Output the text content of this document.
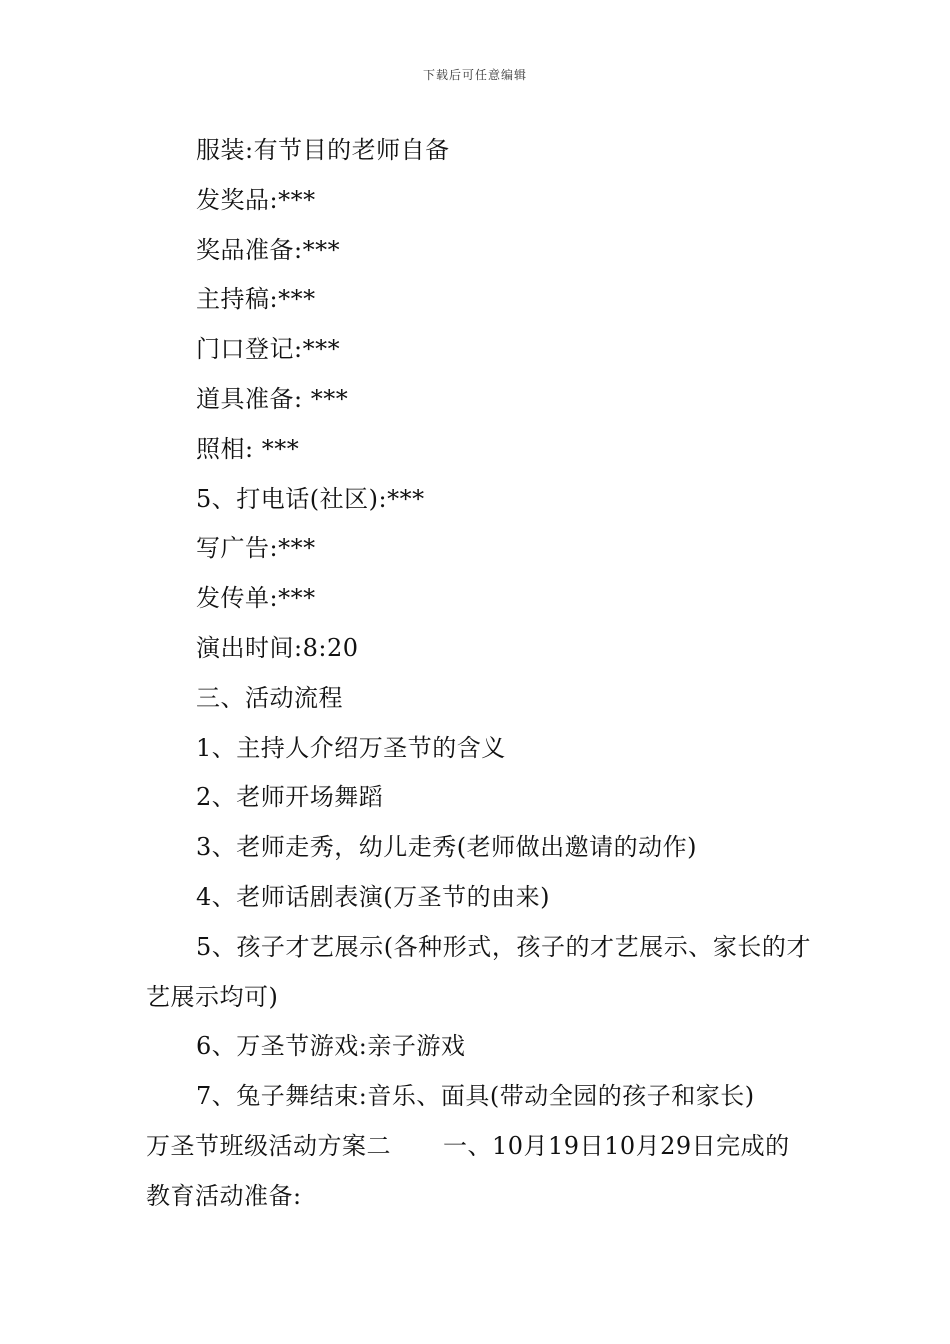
下载后可任意编辑

服装:有节目的老师自备

发奖品:***

奖品准备:***

主持稿:***

门口登记:***

道具准备: ***

照相: ***

5、打电话(社区):***

写广告:***

发传单:***

演出时间:8:20

三、活动流程

1、主持人介绍万圣节的含义

2、老师开场舞蹈

3、老师走秀，幼儿走秀(老师做出邀请的动作)

4、老师话剧表演(万圣节的由来)

5、孩子才艺展示(各种形式，孩子的才艺展示、家长的才艺展示均可)

6、万圣节游戏:亲子游戏

7、兔子舞结束:音乐、面具(带动全园的孩子和家长)

万圣节班级活动方案二 一、10月19日10月29日完成的教育活动准备:
